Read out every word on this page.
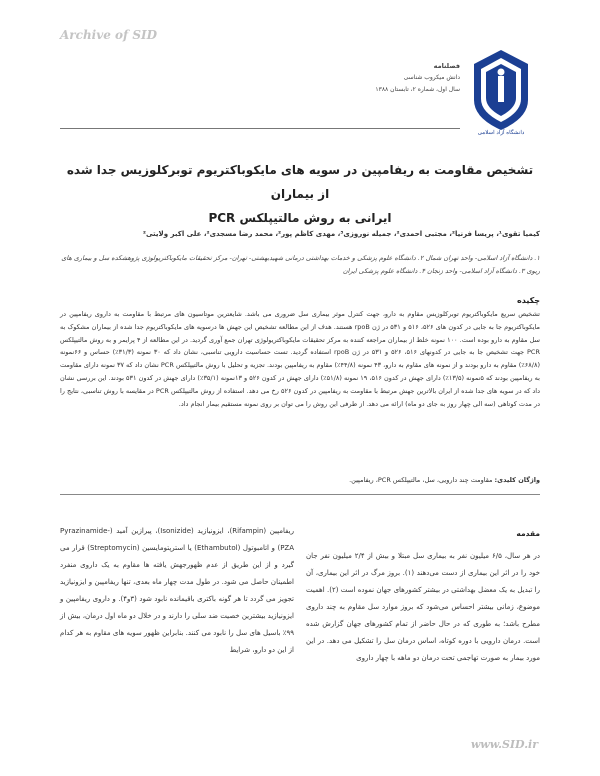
Archive of SID
دانشگاه آزاد اسلامی
فصلنامه
دانش میکروب شناسی
سال اول، شماره ۲، تابستان ۱۳۸۸
تشخیص مقاومت به ریفامپین در سویه های مایکوباکتریوم توبرکلوزیس جدا شده از بیماران
ایرانی به روش مالتیپلکس PCR
کیمیا تقوی¹، پریسا فرنیا²، مجتبی احمدی²، جمیله نوروزی³، مهدی کاظم پور²، محمد رضا مسجدی²، علی اکبر ولایتی²
۱. دانشگاه آزاد اسلامی- واحد تهران شمال ۲. دانشگاه علوم پزشکی و خدمات بهداشتی درمانی شهیدبهشتی- تهران- مرکز تحقیقات مایکوباکتریولوژی پژوهشکده سل و بیماری های ریوی ۳. دانشگاه آزاد اسلامی- واحد زنجان ۴. دانشگاه علوم پزشکی ایران
چکیده
تشخیص سریع مایکوباکتریوم توبرکلوزیس مقاوم به دارو، جهت کنترل موثر بیماری سل ضروری می باشد. شایعترین موتاسیون های مرتبط با مقاومت به داروی ریفامپین در مایکوباکتریوم جا به جایی در کدون های ۵۲۶، ۵۱۶ و ۵۳۱ در ژن rpoB هستند. هدف از این مطالعه تشخیص این جهش ها درسویه های مایکوباکتریوم جدا شده از بیماران مشکوک به سل مقاوم به دارو بوده است. ۱۰۰ نمونه خلط از بیماران مراجعه کننده به مرکز تحقیقات مایکوباکتریولوژی تهران جمع آوری گردید. در این مطالعه از ۴ پرایمر و به روش مالتیپلکس PCR جهت تشخیص جا به جایی در کدونهای ۵۱۶، ۵۲۶ و ۵۳۱ در ژن rpoB استفاده گردید. تست حساسیت دارویی تناسبی، نشان داد که ۳۰ نمونه (۳۱/۳٪) حساس و ۶۶نمونه (۶۸/۸٪) مقاوم به دارو بودند و از نمونه های مقاوم به دارو، ۴۳ نمونه (۴۴/۸٪) مقاوم به ریفامپین بودند. تجزیه و تحلیل با روش مالتیپلکس PCR نشان داد که ۳۷ نمونه دارای مقاومت به ریفامپین بودند که ۵نمونه (۱۳/۵٪) دارای جهش در کدون ۵۱۶، ۱۹ نمونه (۵۱/۸٪) دارای جهش در کدون ۵۲۶ و ۱۳نمونه (۳۵/۱٪) دارای جهش در کدون ۵۳۱ بودند. این بررسی نشان داد که در سویه های جدا شده از ایران بالاترین جهش مرتبط با مقاومت به ریفامپین در کدون ۵۲۶ رخ می دهد. استفاده از روش مالتیپلکس PCR در مقایسه با روش تناسبی، نتایج را در مدت کوتاهی (سه الی چهار روز به جای دو ماه) ارائه می دهد. از طرفی این روش را می توان بر روی نمونه مستقیم بیمار انجام داد.
واژگان کلیدی: مقاومت چند دارویی، سل، مالتیپلکس PCR، ریفامپین.
مقدمه
در هر سال، ۶/۵ میلیون نفر به بیماری سل مبتلا و بیش از ۲/۴ میلیون نفر جان خود را در اثر این بیماری از دست می‌دهند (۱). بروز مرگ در اثر این بیماری، آن را تبدیل به یک معضل بهداشتی در بیشتر کشورهای جهان نموده است (۲). اهمیت موضوع، زمانی بیشتر احساس می‌شود که بروز موارد سل مقاوم به چند داروی مطرح باشد؛ به طوری که در حال حاضر از تمام کشورهای جهان گزارش شده است. درمان دارویی با دوره کوتاه، اساس درمان سل را تشکیل می دهد. در این مورد بیمار به صورت تهاجمی تحت درمان دو ماهه با چهار داروی
ریفامپین (Rifampin)، ایزونیازید (Isonizide)، پیرازین آمید (Pyrazinamide-PZA) و اتامبوتول (Ethambutol) یا استرپتومایسین (Streptomycin) قرار می گیرد و از این طریق از عدم ظهورجهش یافته ها مقاوم به یک داروی منفرد اطمینان حاصل می شود. در طول مدت چهار ماه بعدی، تنها ریفامپین و ایزونیازید تجویز می گردد تا هر گونه باکتری باقیمانده نابود شود (۳و۴). و داروی ریفامپین و ایزونیازید بیشترین خصیت ضد سلی را دارند و در خلال دو ماه اول درمان، بیش از ۹۹٪ باسیل های سل را نابود می کنند. بنابراین ظهور سویه های مقاوم به هر کدام از این دو دارو، شرایط
www.SID.ir
